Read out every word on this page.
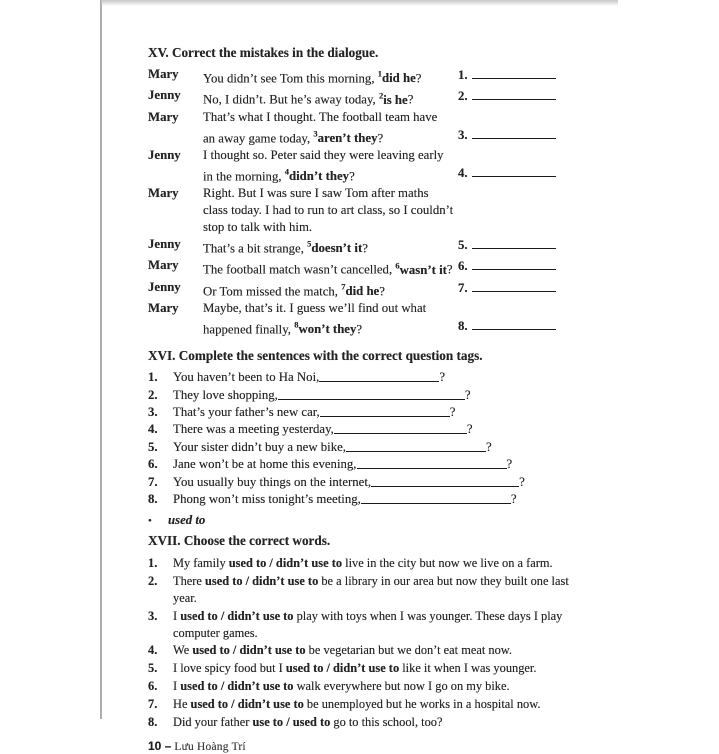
XV. Correct the mistakes in the dialogue.
Mary	You didn’t see Tom this morning, $^1$did he?	1.
Jenny	No, I didn’t. But he’s away today, $^2$is he?	2.
Mary	That’s what I thought. The football team have
an away game today, $^3$aren’t they?	3.
Jenny	I thought so. Peter said they were leaving early
in the morning, $^4$didn’t they?	4.
Mary	Right. But I was sure I saw Tom after maths
class today. I had to run to art class, so I couldn’t
stop to talk with him.
Jenny	That’s a bit strange, $^5$doesn’t it?	5.
Mary	The football match wasn’t cancelled, $^6$wasn’t it? 6.
Jenny	Or Tom missed the match, $^7$did he?	7.
Mary	Maybe, that’s it. I guess we’ll find out what
happened finally, $^8$won’t they?	8.
XVI. Complete the sentences with the correct question tags.
1.	You haven’t been to Ha Noi,	?
2.	They love shopping,	?
3.	That’s your father’s new car,	?
4.	There was a meeting yesterday,	?
5.	Your sister didn’t buy a new bike,	?
6.	Jane won’t be at home this evening,	?
7.	You usually buy things on the internet,	?
8.	Phong won’t miss tonight’s meeting,	?
•	used to
XVII. Choose the correct words.
1.	My family used to / didn’t use to live in the city but now we live on a farm.
2.	There used to / didn’t use to be a library in our area but now they built one last
year.
3.	I used to / didn’t use to play with toys when I was younger. These days I play
computer games.
4.	We used to / didn’t use to be vegetarian but we don’t eat meat now.
5.	I love spicy food but I used to / didn’t use to like it when I was younger.
6.	I used to / didn’t use to walk everywhere but now I go on my bike.
7.	He used to / didn’t use to be unemployed but he works in a hospital now.
8.	Did your father use to / used to go to this school, too?
10 – Lưu Hoàng Trí
